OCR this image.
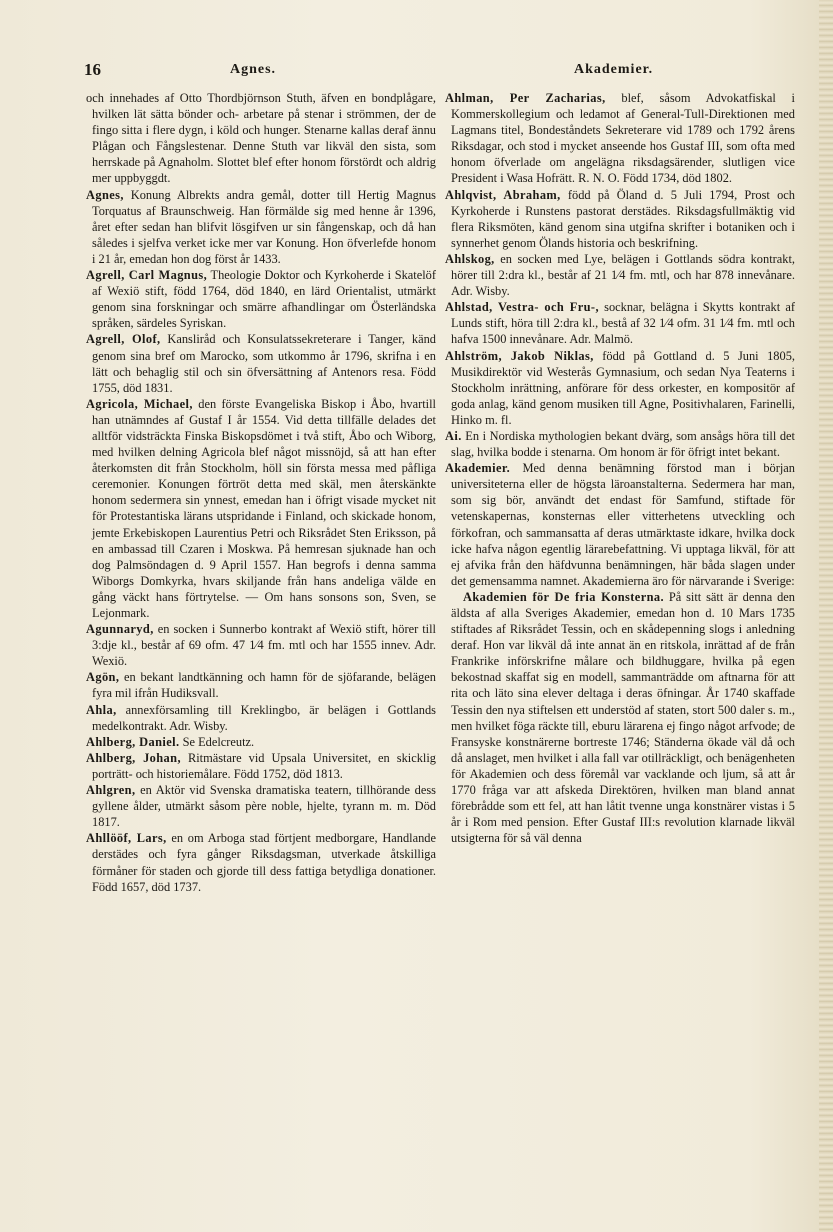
16	Agnes.	Akademier.

och innehades af Otto Thordbjörnson Stuth, äfven en bondplågare, hvilken lät sätta bönder och- arbetare på stenar i strömmen, der de fingo sitta i flere dygn, i köld och hunger. Stenarne kallas deraf ännu Plågan och Fångslestenar. Denne Stuth var likväl den sista, som herrskade på Agnaholm. Slottet blef efter honom förstördt och aldrig mer uppbyggdt.

Agnes, Konung Albrekts andra gemål, dotter till Hertig Magnus Torquatus af Braunschweig. Han förmälde sig med henne år 1396, året efter sedan han blifvit lösgifven ur sin fångenskap, och då han således i sjelfva verket icke mer var Konung. Hon öfverlefde honom i 21 år, emedan hon dog först år 1433.

Agrell, Carl Magnus, Theologie Doktor och Kyrkoherde i Skatelöf af Wexiö stift, född 1764, död 1840, en lärd Orientalist, utmärkt genom sina forskningar och smärre afhandlingar om Österländska språken, särdeles Syriskan.

Agrell, Olof, Kansliråd och Konsulatssekreterare i Tanger, känd genom sina bref om Marocko, som utkommo år 1796, skrifna i en lätt och behaglig stil och sin öfversättning af Antenors resa. Född 1755, död 1831.

Agricola, Michael, den förste Evangeliska Biskop i Åbo, hvartill han utnämndes af Gustaf I år 1554. Vid detta tillfälle delades det alltför vidsträckta Finska Biskopsdömet i två stift, Åbo och Wiborg, med hvilken delning Agricola blef något missnöjd, så att han efter återkomsten dit från Stockholm, höll sin första messa med påfliga ceremonier. Konungen förtröt detta med skäl, men återskänkte honom sedermera sin ynnest, emedan han i öfrigt visade mycket nit för Protestantiska lärans utspridande i Finland, och skickade honom, jemte Erkebiskopen Laurentius Petri och Riksrådet Sten Eriksson, på en ambassad till Czaren i Moskwa. På hemresan sjuknade han och dog Palmsöndagen d. 9 April 1557. Han begrofs i denna samma Wiborgs Domkyrka, hvars skiljande från hans andeliga välde en gång väckt hans förtrytelse. — Om hans sonsons son, Sven, se Lejonmark.

Agunnaryd, en socken i Sunnerbo kontrakt af Wexiö stift, hörer till 3:dje kl., består af 69 ofm. 47 1⁄4 fm. mtl och har 1555 innev. Adr. Wexiö.

Agön, en bekant landtkänning och hamn för de sjöfarande, belägen fyra mil ifrån Hudiksvall.

Ahla, annexförsamling till Kreklingbo, är belägen i Gottlands medelkontrakt. Adr. Wisby.

Ahlberg, Daniel. Se Edelcreutz.

Ahlberg, Johan, Ritmästare vid Upsala Universitet, en skicklig porträtt- och historiemålare. Född 1752, död 1813.

Ahlgren, en Aktör vid Svenska dramatiska teatern, tillhörande dess gyllene ålder, utmärkt såsom père noble, hjelte, tyrann m. m. Död 1817.

Ahllööf, Lars, en om Arboga stad förtjent medborgare, Handlande derstädes och fyra gånger Riksdagsman, utverkade åtskilliga förmåner för staden och gjorde till dess fattiga betydliga donationer. Född 1657, död 1737.

Ahlman, Per Zacharias, blef, såsom Advokatfiskal i Kommerskollegium och ledamot af General-Tull-Direktionen med Lagmans titel, Bondeståndets Sekreterare vid 1789 och 1792 årens Riksdagar, och stod i mycket anseende hos Gustaf III, som ofta med honom öfverlade om angelägna riksdagsärender, slutligen vice President i Wasa Hofrätt. R. N. O. Född 1734, död 1802.

Ahlqvist, Abraham, född på Öland d. 5 Juli 1794, Prost och Kyrkoherde i Runstens pastorat derstädes. Riksdagsfullmäktig vid flera Riksmöten, känd genom sina utgifna skrifter i botaniken och i synnerhet genom Ölands historia och beskrifning.

Ahlskog, en socken med Lye, belägen i Gottlands södra kontrakt, hörer till 2:dra kl., består af 21 1⁄4 fm. mtl, och har 878 innevånare. Adr. Wisby.

Ahlstad, Vestra- och Fru-, socknar, belägna i Skytts kontrakt af Lunds stift, höra till 2:dra kl., bestå af 32 1⁄4 ofm. 31 1⁄4 fm. mtl och hafva 1500 innevånare. Adr. Malmö.

Ahlström, Jakob Niklas, född på Gottland d. 5 Juni 1805, Musikdirektör vid Westerås Gymnasium, och sedan Nya Teaterns i Stockholm inrättning, anförare för dess orkester, en kompositör af goda anlag, känd genom musiken till Agne, Positivhalaren, Farinelli, Hinko m. fl.

Ai. En i Nordiska mythologien bekant dvärg, som ansågs höra till det slag, hvilka bodde i stenarna. Om honom är för öfrigt intet bekant.

Akademier. Med denna benämning förstod man i början universiteterna eller de högsta läroanstalterna. Sedermera har man, som sig bör, användt det endast för Samfund, stiftade för vetenskapernas, konsternas eller vitterhetens utveckling och förkofran, och sammansatta af deras utmärktaste idkare, hvilka dock icke hafva någon egentlig lärarebefattning. Vi upptaga likväl, för att ej afvika från den häfdvunna benämningen, här båda slagen under det gemensamma namnet. Akademierna äro för närvarande i Sverige:

Akademien för De fria Konsterna. På sitt sätt är denna den äldsta af alla Sveriges Akademier, emedan hon d. 10 Mars 1735 stiftades af Riksrådet Tessin, och en skådepenning slogs i anledning deraf. Hon var likväl då inte annat än en ritskola, inrättad af de från Frankrike införskrifne målare och bildhuggare, hvilka på egen bekostnad skaffat sig en modell, sammanträdde om aftnarna för att rita och läto sina elever deltaga i deras öfningar. År 1740 skaffade Tessin den nya stiftelsen ett understöd af staten, stort 500 daler s. m., men hvilket föga räckte till, eburu lärarena ej fingo något arfvode; de Fransyske konstnärerne bortreste 1746; Ständerna ökade väl då och då anslaget, men hvilket i alla fall var otillräckligt, och benägenheten för Akademien och dess föremål var vacklande och ljum, så att år 1770 fråga var att afskeda Direktören, hvilken man bland annat förebrådde som ett fel, att han låtit tvenne unga konstnärer vistas i 5 år i Rom med pension. Efter Gustaf III:s revolution klarnade likväl utsigterna för så väl denna
